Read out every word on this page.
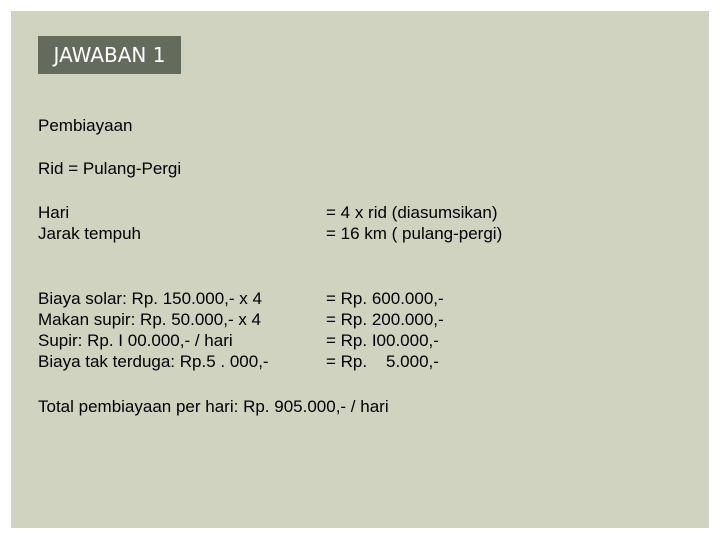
JAWABAN 1
Pembiayaan
Rid = Pulang-Pergi
Hari
Jarak tempuh
= 4 x rid (diasumsikan)
= 16 km ( pulang-pergi)
Biaya solar: Rp. 150.000,- x 4
Makan supir: Rp. 50.000,- x 4
Supir: Rp. I 00.000,- / hari
Biaya tak terduga: Rp.5 . 000,-
= Rp. 600.000,-
= Rp. 200.000,-
= Rp. I00.000,-
= Rp.    5.000,-
Total pembiayaan per hari: Rp. 905.000,- / hari
